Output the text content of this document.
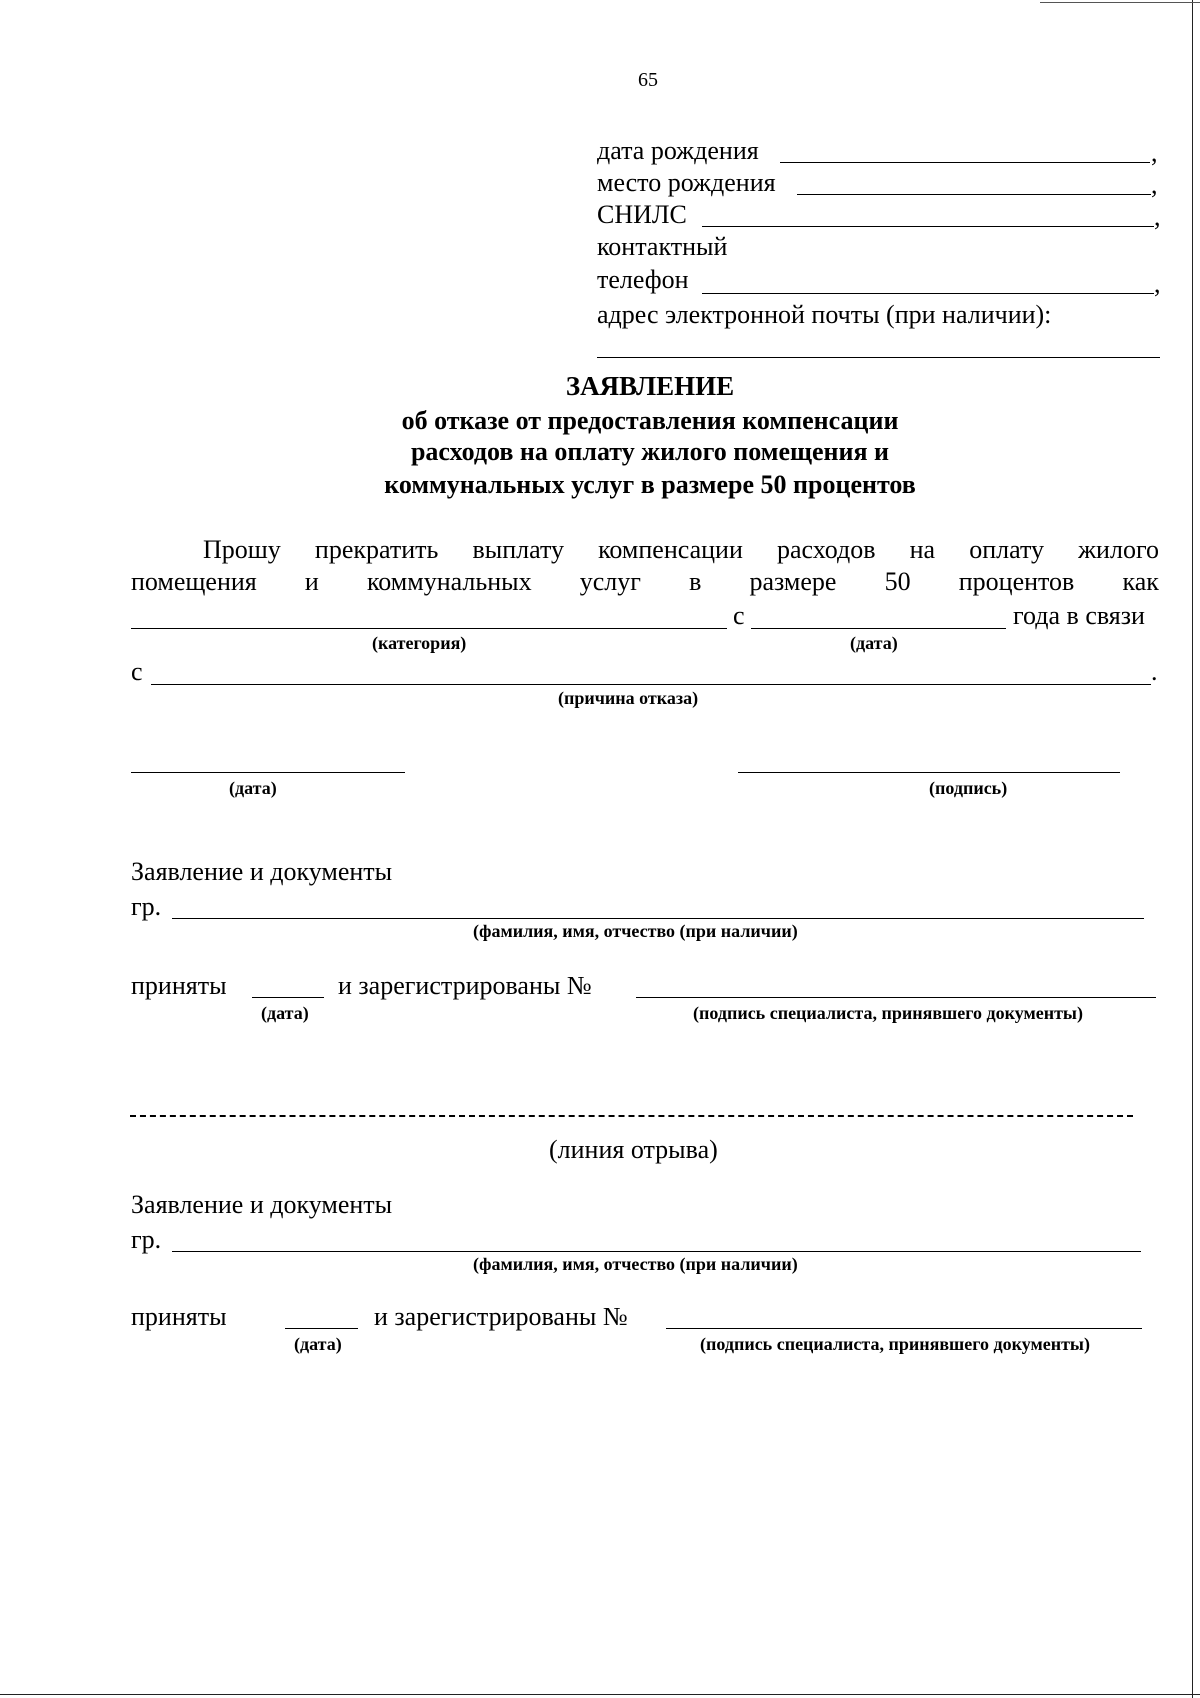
65
дата рождения	,
место рождения	,
СНИЛС	,
контактный
телефон	,
адрес электронной почты (при наличии):
ЗАЯВЛЕНИЕ
об отказе от предоставления компенсации
расходов на оплату жилого помещения и
коммунальных услуг в размере 50 процентов
Прошу прекратить выплату компенсации расходов на оплату жилого
помещения и коммунальных услуг в размере 50 процентов как
с	года в связи
(категория)	(дата)
с	.
(причина отказа)
(дата)	(подпись)
Заявление и документы
гр.
(фамилия, имя, отчество (при наличии)
приняты	и зарегистрированы №
(дата)	(подпись специалиста, принявшего документы)
(линия отрыва)
Заявление и документы
гр.
(фамилия, имя, отчество (при наличии)
приняты	и зарегистрированы №
(дата)	(подпись специалиста, принявшего документы)
